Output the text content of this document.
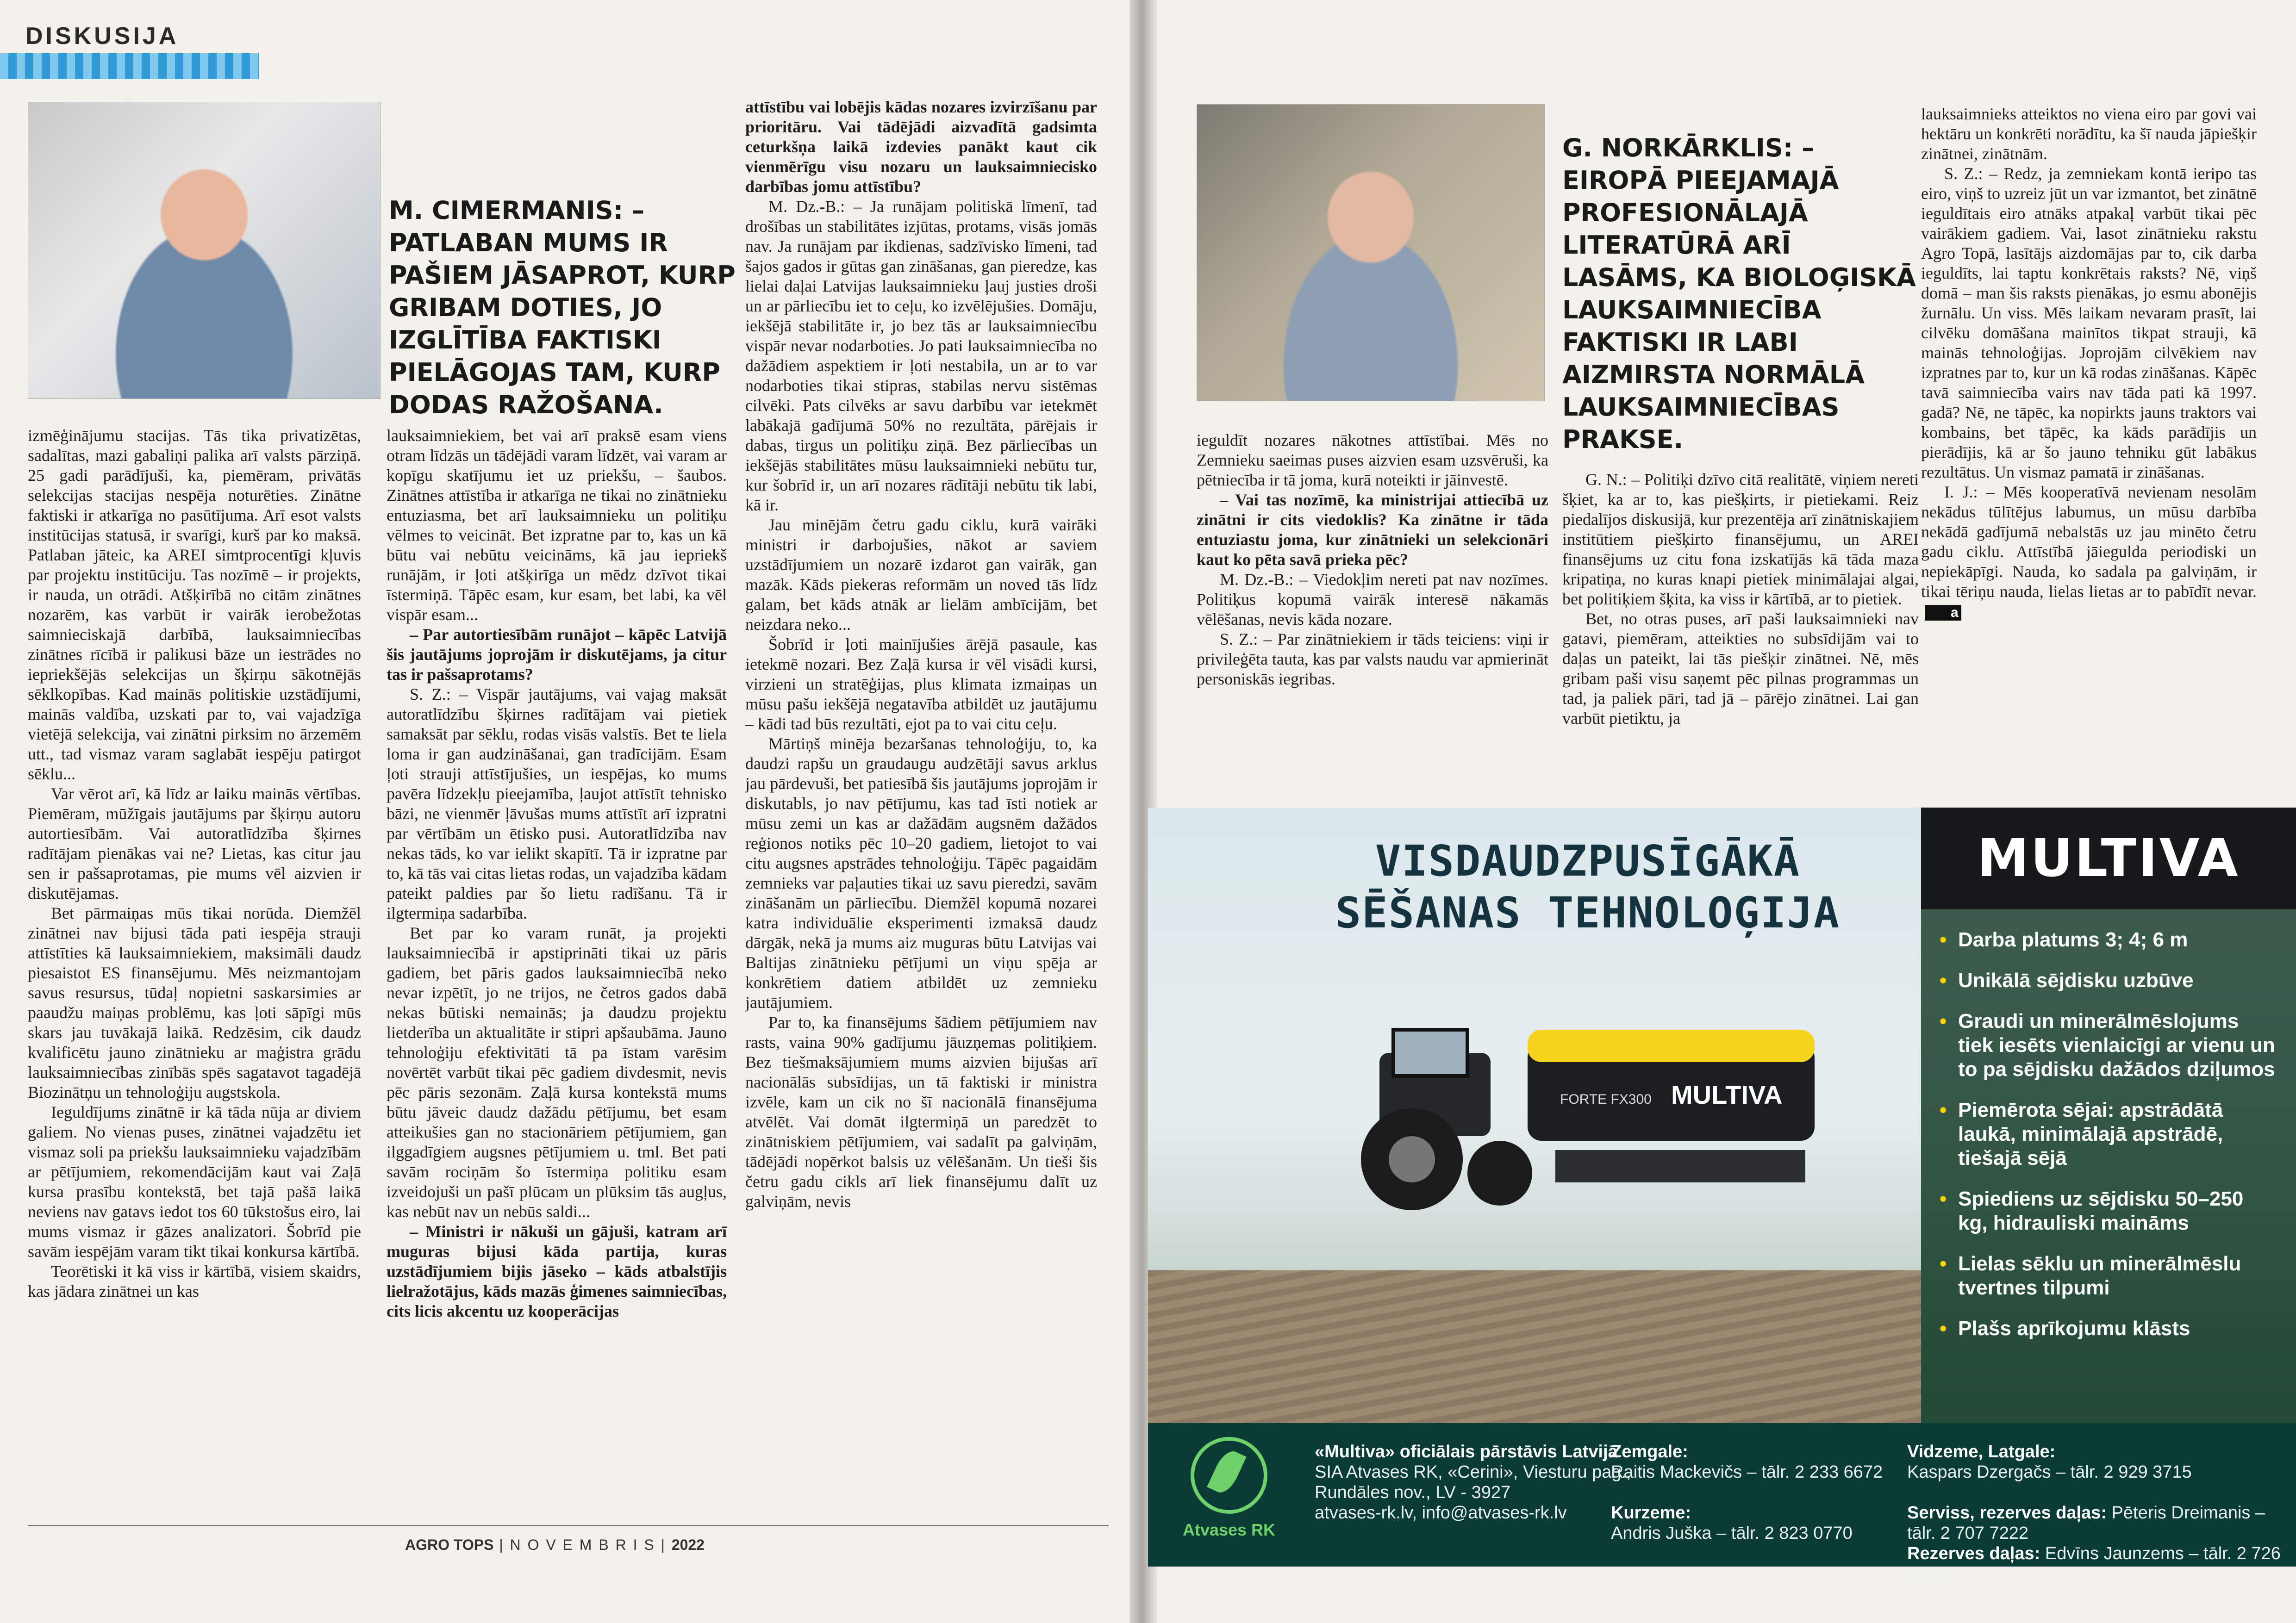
DISKUSIJA
M. CIMERMANIS: – PATLABAN MUMS IR PAŠIEM JĀSAPROT, KURP GRIBAM DOTIES, JO IZGLĪTĪBA FAKTISKI PIELĀGOJAS TAM, KURP DODAS RAŽOŠANA.

izmēģinājumu stacijas. Tās tika privatizētas, sadalītas, mazi gabaliņi palika arī valsts pārziņā. 25 gadi parādījuši, ka, piemēram, privātās selekcijas stacijas nespēja noturēties. Zinātne faktiski ir atkarīga no pasūtījuma. Arī esot valsts institūcijas statusā, ir svarīgi, kurš par ko maksā. Patlaban jāteic, ka AREI simtprocentīgi kļuvis par projektu institūciju. Tas nozīmē – ir projekts, ir nauda, un otrādi. Atšķirībā no citām zinātnes nozarēm, kas varbūt ir vairāk ierobežotas saimnieciskajā darbībā, lauksaimniecības zinātnes rīcībā ir palikusi bāze un iestrādes no iepriekšējās selekcijas un šķirņu sākotnējās sēklkopības. Kad mainās politiskie uzstādījumi, mainās valdība, uzskati par to, vai vajadzīga vietējā selekcija, vai zinātni pirksim no ārzemēm utt., tad vismaz varam saglabāt iespēju patirgot sēklu...

Var vērot arī, kā līdz ar laiku mainās vērtības. Piemēram, mūžīgais jautājums par šķirņu autoru autortiesībām. Vai autoratlīdzība šķirnes radītājam pienākas vai ne? Lietas, kas citur jau sen ir pašsaprotamas, pie mums vēl aizvien ir diskutējamas.

Bet pārmaiņas mūs tikai norūda. Diemžēl zinātnei nav bijusi tāda pati iespēja strauji attīstīties kā lauksaimniekiem, maksimāli daudz piesaistot ES finansējumu. Mēs neizmantojam savus resursus, tūdaļ nopietni saskarsimies ar paaudžu maiņas problēmu, kas ļoti sāpīgi mūs skars jau tuvākajā laikā. Redzēsim, cik daudz kvalificētu jauno zinātnieku ar maģistra grādu lauksaimniecības zinībās spēs sagatavot tagadējā Biozinātņu un tehnoloģiju augstskola.

Ieguldījums zinātnē ir kā tāda nūja ar diviem galiem. No vienas puses, zinātnei vajadzētu iet vismaz soli pa priekšu lauksaimnieku vajadzībām ar pētījumiem, rekomendācijām kaut vai Zaļā kursa prasību kontekstā, bet tajā pašā laikā neviens nav gatavs iedot tos 60 tūkstošus eiro, lai mums vismaz ir gāzes analizatori. Šobrīd pie savām iespējām varam tikt tikai konkursa kārtībā.

Teorētiski it kā viss ir kārtībā, visiem skaidrs, kas jādara zinātnei un kas

lauksaimniekiem, bet vai arī praksē esam viens otram līdzās un tādējādi varam līdzēt, vai varam ar kopīgu skatījumu iet uz priekšu, – šaubos. Zinātnes attīstība ir atkarīga ne tikai no zinātnieku entuziasma, bet arī lauksaimnieku un politiķu vēlmes to veicināt. Bet izpratne par to, kas un kā būtu vai nebūtu veicināms, kā jau iepriekš runājām, ir ļoti atšķirīga un mēdz dzīvot tikai īstermiņā. Tāpēc esam, kur esam, bet labi, ka vēl vispār esam...

– Par autortiesībām runājot – kāpēc Latvijā šis jautājums joprojām ir diskutējams, ja citur tas ir pašsaprotams?

S. Z.: – Vispār jautājums, vai vajag maksāt autoratlīdzību šķirnes radītājam vai pietiek samaksāt par sēklu, rodas visās valstīs. Bet te liela loma ir gan audzināšanai, gan tradīcijām. Esam ļoti strauji attīstījušies, un iespējas, ko mums pavēra līdzekļu pieejamība, ļaujot attīstīt tehnisko bāzi, ne vienmēr ļāvušas mums attīstīt arī izpratni par vērtībām un ētisko pusi. Autoratlīdzība nav nekas tāds, ko var ielikt skapītī. Tā ir izpratne par to, kā tās vai citas lietas rodas, un vajadzība kādam pateikt paldies par šo lietu radīšanu. Tā ir ilgtermiņa sadarbība.

Bet par ko varam runāt, ja projekti lauksaimniecībā ir apstiprināti tikai uz pāris gadiem, bet pāris gados lauksaimniecībā neko nevar izpētīt, jo ne trijos, ne četros gados dabā nekas būtiski nemainās; ja daudzu projektu lietderība un aktualitāte ir stipri apšaubāma. Jauno tehnoloģiju efektivitāti tā pa īstam varēsim novērtēt varbūt tikai pēc gadiem divdesmit, nevis pēc pāris sezonām. Zaļā kursa kontekstā mums būtu jāveic daudz dažādu pētījumu, bet esam atteikušies gan no stacionāriem pētījumiem, gan ilggadīgiem augsnes pētījumiem u. tml. Bet pati savām rociņām šo īstermiņa politiku esam izveidojuši un pašī plūcam un plūksim tās augļus, kas nebūt nav un nebūs saldi...

– Ministri ir nākuši un gājuši, katram arī muguras bijusi kāda partija, kuras uzstādījumiem bijis jāseko – kāds atbalstījis lielražotājus, kāds mazās ģimenes saimniecības, cits licis akcentu uz kooperācijas

attīstību vai lobējis kādas nozares izvirzīšanu par prioritāru. Vai tādējādi aizvadītā gadsimta ceturkšņa laikā izdevies panākt kaut cik vienmērīgu visu nozaru un lauksaimniecisko darbības jomu attīstību?

M. Dz.-B.: – Ja runājam politiskā līmenī, tad drošības un stabilitātes izjūtas, protams, visās jomās nav. Ja runājam par ikdienas, sadzīvisko līmeni, tad šajos gados ir gūtas gan zināšanas, gan pieredze, kas lielai daļai Latvijas lauksaimnieku ļauj justies droši un ar pārliecību iet to ceļu, ko izvēlējušies. Domāju, iekšējā stabilitāte ir, jo bez tās ar lauksaimniecību vispār nevar nodarboties. Jo pati lauksaimniecība no dažādiem aspektiem ir ļoti nestabila, un ar to var nodarboties tikai stipras, stabilas nervu sistēmas cilvēki. Pats cilvēks ar savu darbību var ietekmēt labākajā gadījumā 50% no rezultāta, pārējais ir dabas, tirgus un politiķu ziņā. Bez pārliecības un iekšējās stabilitātes mūsu lauksaimnieki nebūtu tur, kur šobrīd ir, un arī nozares rādītāji nebūtu tik labi, kā ir.

Jau minējām četru gadu ciklu, kurā vairāki ministri ir darbojušies, nākot ar saviem uzstādījumiem un nozarē izdarot gan vairāk, gan mazāk. Kāds piekeras reformām un noved tās līdz galam, bet kāds atnāk ar lielām ambīcijām, bet neizdara neko...

Šobrīd ir ļoti mainījušies ārējā pasaule, kas ietekmē nozari. Bez Zaļā kursa ir vēl visādi kursi, virzieni un stratēģijas, plus klimata izmaiņas un mūsu pašu iekšējā negatavība atbildēt uz jautājumu – kādi tad būs rezultāti, ejot pa to vai citu ceļu.

Mārtiņš minēja bezaršanas tehnoloģiju, to, ka daudzi rapšu un graudaugu audzētāji savus arklus jau pārdevuši, bet patiesībā šis jautājums joprojām ir diskutabls, jo nav pētījumu, kas tad īsti notiek ar mūsu zemi un kas ar dažādām augsnēm dažādos reģionos notiks pēc 10–20 gadiem, lietojot to vai citu augsnes apstrādes tehnoloģiju. Tāpēc pagaidām zemnieks var paļauties tikai uz savu pieredzi, savām zināšanām un pārliecību. Diemžēl kopumā nozarei katra individuālie eksperimenti izmaksā daudz dārgāk, nekā ja mums aiz muguras būtu Latvijas vai Baltijas zinātnieku pētījumi un viņu spēja ar konkrētiem datiem atbildēt uz zemnieku jautājumiem.

Par to, ka finansējums šādiem pētījumiem nav rasts, vaina 90% gadījumu jāuzņemas politiķiem. Bez tiešmaksājumiem mums aizvien bijušas arī nacionālās subsīdijas, un tā faktiski ir ministra izvēle, kam un cik no šī nacionālā finansējuma atvēlēt. Vai domāt ilgtermiņā un paredzēt to zinātniskiem pētījumiem, vai sadalīt pa galviņām, tādējādi nopērkot balsis uz vēlēšanām. Un tieši šis četru gadu cikls arī liek finansējumu dalīt uz galviņām, nevis

AGRO TOPS | N O V E M B R I S | 2022
G. NORKĀRKLIS: – EIROPĀ PIEEJAMAJĀ PROFESIONĀLAJĀ LITERATŪRĀ ARĪ LASĀMS, KA BIOLOĢISKĀ LAUKSAIMNIECĪBA FAKTISKI IR LABI AIZMIRSTA NORMĀLĀ LAUKSAIMNIECĪBAS PRAKSE.

ieguldīt nozares nākotnes attīstībai. Mēs no Zemnieku saeimas puses aizvien esam uzsvēruši, ka pētniecība ir tā joma, kurā noteikti ir jāinvestē.

– Vai tas nozīmē, ka ministrijai attiecībā uz zinātni ir cits viedoklis? Ka zinātne ir tāda entuziastu joma, kur zinātnieki un selekcionāri kaut ko pēta savā prieka pēc?

M. Dz.-B.: – Viedokļim nereti pat nav nozīmes. Politiķus kopumā vairāk interesē nākamās vēlēšanas, nevis kāda nozare.

S. Z.: – Par zinātniekiem ir tāds teiciens: viņi ir privileģēta tauta, kas par valsts naudu var apmierināt personiskās iegribas.

G. N.: – Politiķi dzīvo citā realitātē, viņiem nereti šķiet, ka ar to, kas piešķirts, ir pietiekami. Reiz piedalījos diskusijā, kur prezentēja arī zinātniskajiem institūtiem piešķirto finansējumu, un AREI finansējums uz citu fona izskatījās kā tāda maza kripatiņa, no kuras knapi pietiek minimālajai algai, bet politiķiem šķita, ka viss ir kārtībā, ar to pietiek.

Bet, no otras puses, arī paši lauksaimnieki nav gatavi, piemēram, atteikties no subsīdijām vai to daļas un pateikt, lai tās piešķir zinātnei. Nē, mēs gribam paši visu saņemt pēc pilnas programmas un tad, ja paliek pāri, tad jā – pārējo zinātnei. Lai gan varbūt pietiktu, ja

lauksaimnieks atteiktos no viena eiro par govi vai hektāru un konkrēti norādītu, ka šī nauda jāpiešķir zinātnei, zinātnām.

S. Z.: – Redz, ja zemniekam kontā ieripo tas eiro, viņš to uzreiz jūt un var izmantot, bet zinātnē ieguldītais eiro atnāks atpakaļ varbūt tikai pēc vairākiem gadiem. Vai, lasot zinātnieku rakstu Agro Topā, lasītājs aizdomājas par to, cik darba ieguldīts, lai taptu konkrētais raksts? Nē, viņš domā – man šis raksts pienākas, jo esmu abonējis žurnālu. Un viss. Mēs laikam nevaram prasīt, lai cilvēku domāšana mainītos tikpat strauji, kā mainās tehnoloģijas. Joprojām cilvēkiem nav izpratnes par to, kur un kā rodas zināšanas. Kāpēc tavā saimniecība vairs nav tāda pati kā 1997. gadā? Nē, ne tāpēc, ka nopirkts jauns traktors vai kombains, bet tāpēc, ka kāds parādījis un pierādījis, kā ar šo jauno tehniku gūt labākus rezultātus. Un vismaz pamatā ir zināšanas.

I. J.: – Mēs kooperatīvā nevienam nesolām nekādus tūlītējus labumus, un mūsu darbība nekādā gadījumā nebalstās uz jau minēto četru gadu ciklu. Attīstībā jāiegulda periodiski un nepiekāpīgi. Nauda, ko sadala pa galviņām, ir tikai tēriņu nauda, lielas lietas ar to pabīdīt nevar.a

VISDAUDZPUSĪGĀKĀ SĒŠANAS TEHNOLOĢIJA
MULTIVA
MULTIVA
FORTE FX300
• Darba platums 3; 4; 6 m
• Unikālā sējdisku uzbūve
• Graudi un minerālmēslojums tiek iesēts vienlaicīgi ar vienu un to pa sējdisku dažādos dziļumos
• Piemērota sējai: apstrādātā laukā, minimālajā apstrādē, tiešajā sējā
• Spiediens uz sējdisku 50–250 kg, hidrauliski maināms
• Lielas sēklu un minerālmēslu tvertnes tilpumi
• Plašs aprīkojumu klāsts
Atvases RK
«Multiva» oficiālais pārstāvis Latvijā
SIA Atvases RK, «Cerini», Viesturu pag.,
Rundāles nov., LV - 3927
atvases-rk.lv, info@atvases-rk.lv
Zemgale:
Raitis Mackevičs – tālr. 2 233 6672

Kurzeme:
Andris Juška – tālr. 2 823 0770
Vidzeme, Latgale:
Kaspars Dzergačs – tālr. 2 929 3715

Serviss, rezerves daļas: Pēteris Dreimanis – tālr. 2 707 7222
Rezerves daļas: Edvīns Jaunzems – tālr. 2 726 0079
